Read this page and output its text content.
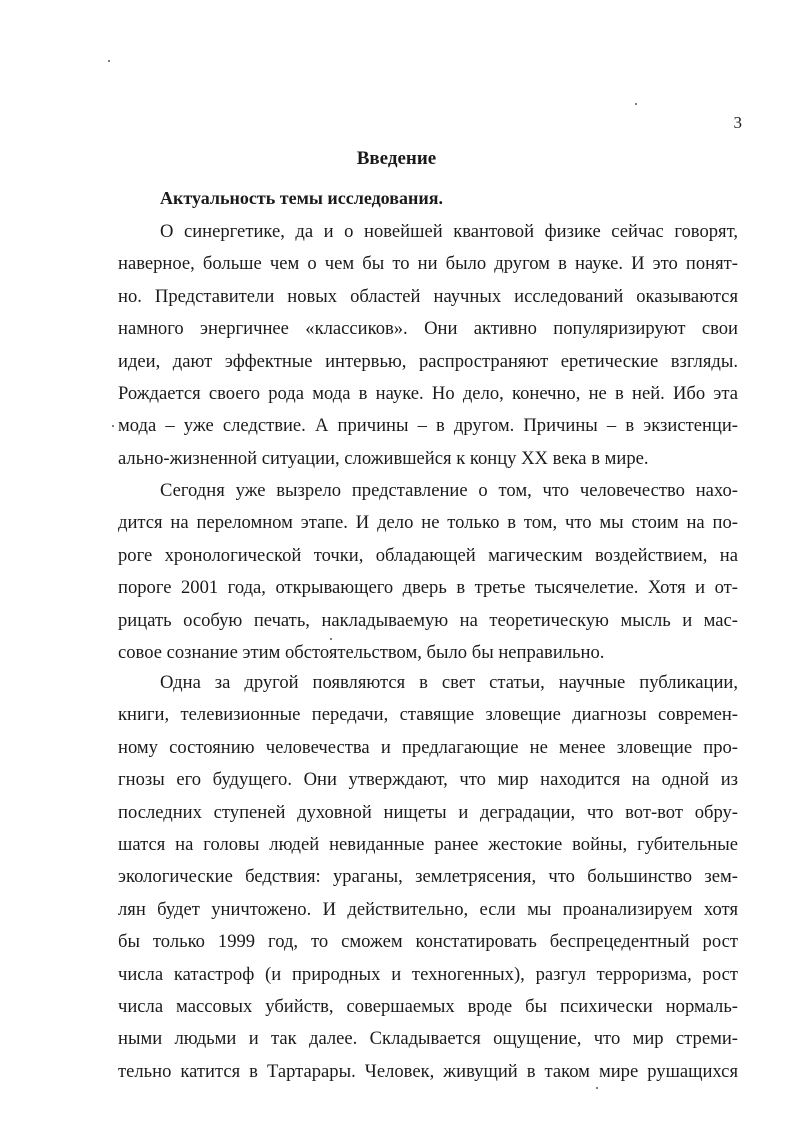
3
Введение
Актуальность темы исследования.
О синергетике, да и о новейшей квантовой физике сейчас говорят,
наверное, больше чем о чем бы то ни было другом в науке. И это понят-
но. Представители новых областей научных исследований оказываются
намного энергичнее «классиков». Они активно популяризируют свои
идеи, дают эффектные интервью, распространяют еретические взгляды.
Рождается своего рода мода в науке. Но дело, конечно, не в ней. Ибо эта
мода – уже следствие. А причины – в другом. Причины – в экзистенци-
ально-жизненной ситуации, сложившейся к концу XX века в мире.
Сегодня уже вызрело представление о том, что человечество нахо-
дится на переломном этапе. И дело не только в том, что мы стоим на по-
роге хронологической точки, обладающей магическим воздействием, на
пороге 2001 года, открывающего дверь в третье тысячелетие. Хотя и от-
рицать особую печать, накладываемую на теоретическую мысль и мас-
совое сознание этим обстоятельством, было бы неправильно.
Одна за другой появляются в свет статьи, научные публикации,
книги, телевизионные передачи, ставящие зловещие диагнозы современ-
ному состоянию человечества и предлагающие не менее зловещие про-
гнозы его будущего. Они утверждают, что мир находится на одной из
последних ступеней духовной нищеты и деградации, что вот-вот обру-
шатся на головы людей невиданные ранее жестокие войны, губительные
экологические бедствия: ураганы, землетрясения, что большинство зем-
лян будет уничтожено. И действительно, если мы проанализируем хотя
бы только 1999 год, то сможем констатировать беспрецедентный рост
числа катастроф (и природных и техногенных), разгул терроризма, рост
числа массовых убийств, совершаемых вроде бы психически нормаль-
ными людьми и так далее. Складывается ощущение, что мир стреми-
тельно катится в Тартарары. Человек, живущий в таком мире рушащихся
